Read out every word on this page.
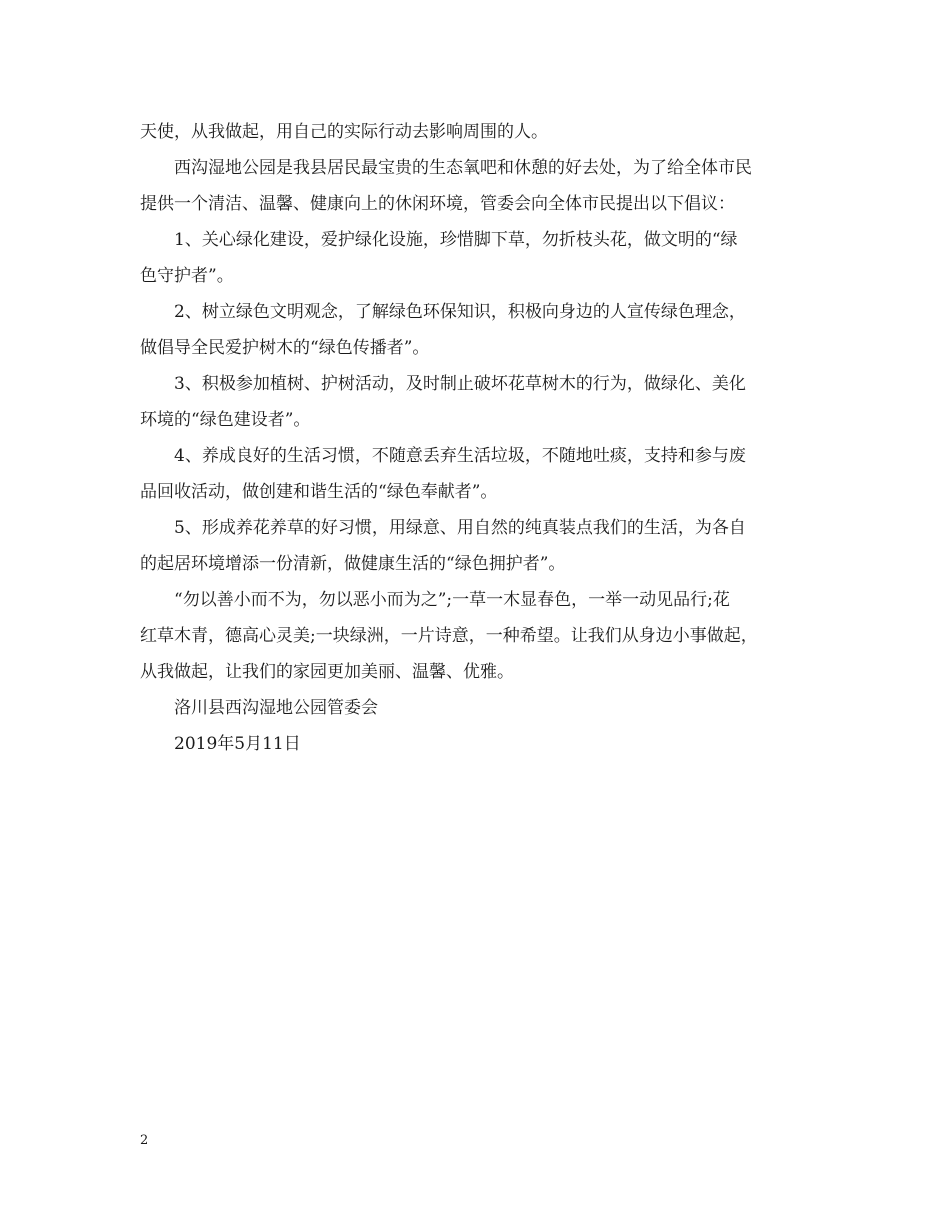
天使，从我做起，用自己的实际行动去影响周围的人。

西沟湿地公园是我县居民最宝贵的生态氧吧和休憩的好去处，为了给全体市民

提供一个清洁、温馨、健康向上的休闲环境，管委会向全体市民提出以下倡议：

1、关心绿化建设，爱护绿化设施，珍惜脚下草，勿折枝头花，做文明的“绿

色守护者”。

2、树立绿色文明观念，了解绿色环保知识，积极向身边的人宣传绿色理念，

做倡导全民爱护树木的“绿色传播者”。

3、积极参加植树、护树活动，及时制止破坏花草树木的行为，做绿化、美化

环境的“绿色建设者”。

4、养成良好的生活习惯，不随意丢弃生活垃圾，不随地吐痰，支持和参与废

品回收活动，做创建和谐生活的“绿色奉献者”。

5、形成养花养草的好习惯，用绿意、用自然的纯真装点我们的生活，为各自

的起居环境增添一份清新，做健康生活的“绿色拥护者”。

“勿以善小而不为，勿以恶小而为之”;一草一木显春色，一举一动见品行;花

红草木青，德高心灵美;一块绿洲，一片诗意，一种希望。让我们从身边小事做起，

从我做起，让我们的家园更加美丽、温馨、优雅。

洛川县西沟湿地公园管委会

2019年5月11日

2
